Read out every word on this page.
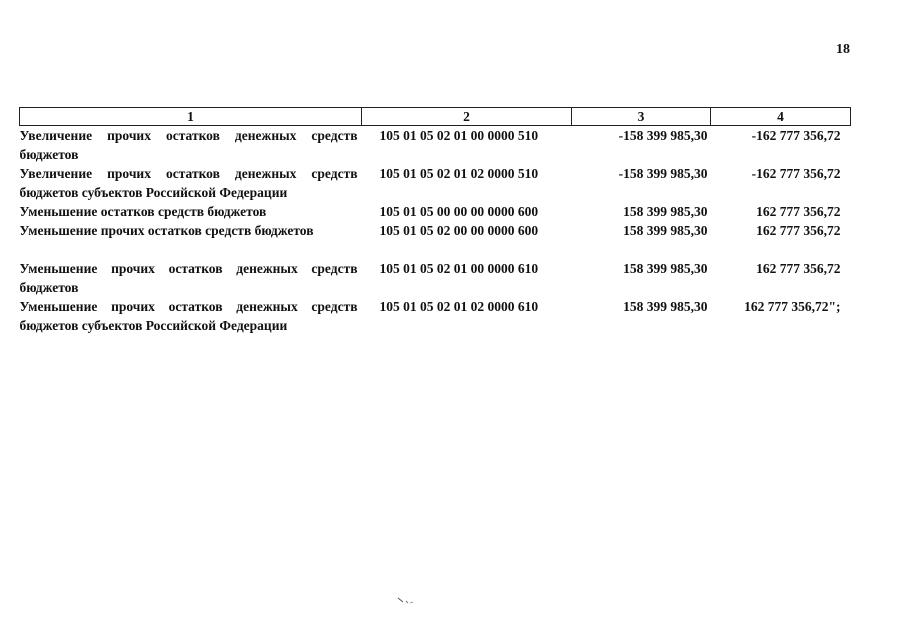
18
1	2	3	4
Увеличение прочих остатков денежных средств бюджетов	105 01 05 02 01 00 0000 510	-158 399 985,30	-162 777 356,72
Увеличение прочих остатков денежных средств бюджетов субъектов Российской Федерации	105 01 05 02 01 02 0000 510	-158 399 985,30	-162 777 356,72
Уменьшение остатков средств бюджетов	105 01 05 00 00 00 0000 600	158 399 985,30	162 777 356,72
Уменьшение прочих остатков средств бюджетов	105 01 05 02 00 00 0000 600	158 399 985,30	162 777 356,72

Уменьшение прочих остатков денежных средств бюджетов	105 01 05 02 01 00 0000 610	158 399 985,30	162 777 356,72
Уменьшение прочих остатков денежных средств бюджетов субъектов Российской Федерации	105 01 05 02 01 02 0000 610	158 399 985,30	162 777 356,72";
